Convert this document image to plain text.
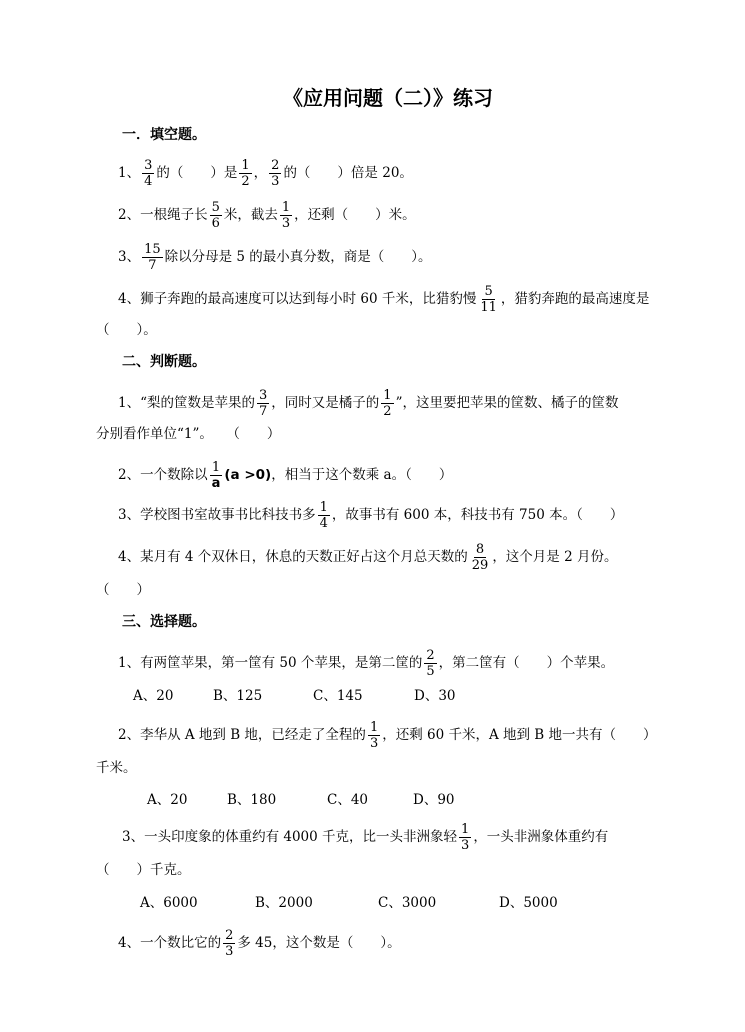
《应用问题（二）》练习
一．填空题。
1、 $\frac{3}{4}$ 的（　　）是 $\frac{1}{2}$ ， $\frac{2}{3}$ 的（　　）倍是 20。
2、一根绳子长 $\frac{5}{6}$ 米，截去 $\frac{1}{3}$ ，还剩（　　）米。
3、 $\frac{15}{7}$ 除以分母是 5 的最小真分数，商是（　　）。
4、狮子奔跑的最高速度可以达到每小时 60 千米，比猎豹慢 $\frac{5}{11}$ ，猎豹奔跑的最高速度是
（　　）。
二、判断题。
1、“梨的筐数是苹果的 $\frac{3}{7}$ ，同时又是橘子的 $\frac{1}{2}$ ”，这里要把苹果的筐数、橘子的筐数
分别看作单位“1”。　　（　　）
2、一个数除以 $\frac{1}{a} (a >0)$，相当于这个数乘 a。（　　）
3、学校图书室故事书比科技书多 $\frac{1}{4}$ ，故事书有 600 本，科技书有 750 本。（　　）
4、某月有 4 个双休日，休息的天数正好占这个月总天数的 $\frac{8}{29}$ ，这个月是 2 月份。
（　　）
三、选择题。
1、有两筐苹果，第一筐有 50 个苹果，是第二筐的 $\frac{2}{5}$ ，第二筐有（　　）个苹果。
A、20	B、125	C、145	D、30
2、李华从 A 地到 B 地，已经走了全程的 $\frac{1}{3}$ ，还剩 60 千米，A 地到 B 地一共有（　　）
千米。
A、20	B、180	C、40	D、90
3、一头印度象的体重约有 4000 千克，比一头非洲象轻 $\frac{1}{3}$ ，一头非洲象体重约有
（　　）千克。
A、6000	B、2000	C、3000	D、5000
4、一个数比它的 $\frac{2}{3}$ 多 45，这个数是（　　）。
